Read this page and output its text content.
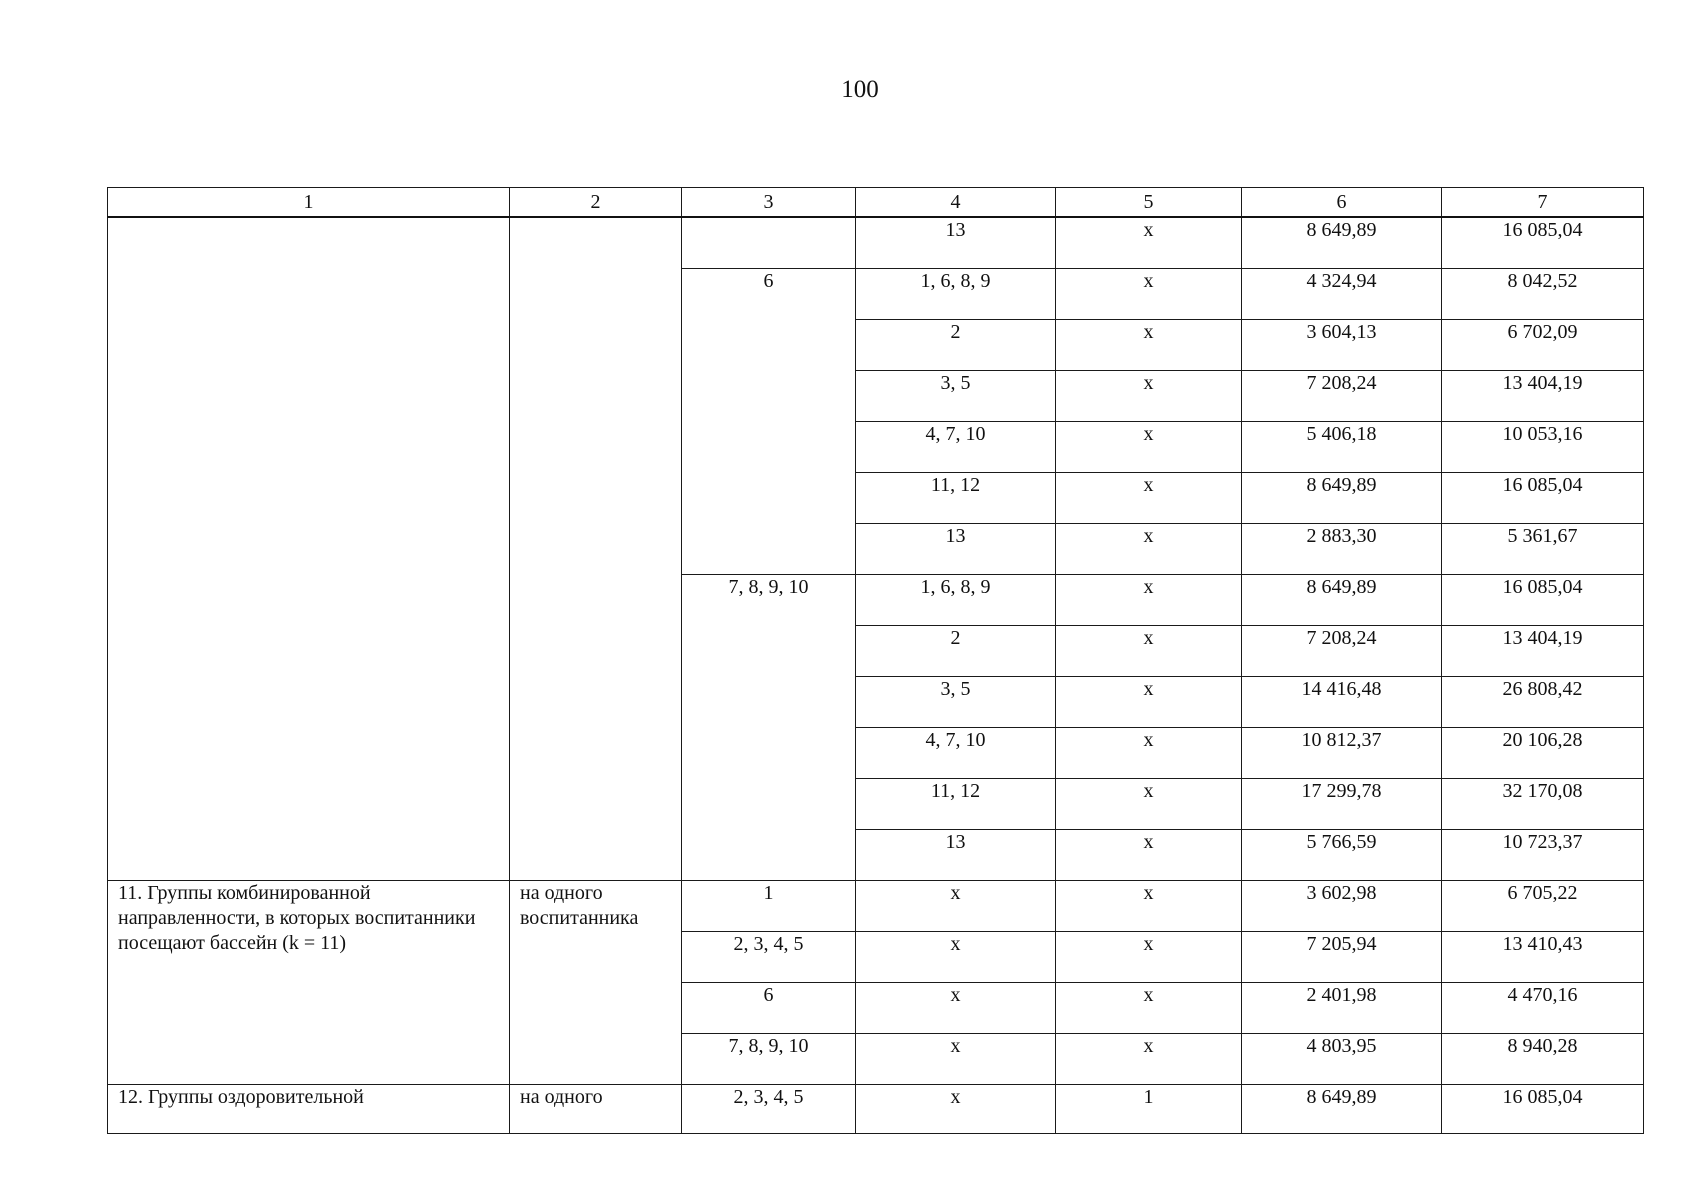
100
1	2	3	4	5	6	7
			13	х	8 649,89	16 085,04
		6	1, 6, 8, 9	х	4 324,94	8 042,52
			2	х	3 604,13	6 702,09
			3, 5	х	7 208,24	13 404,19
			4, 7, 10	х	5 406,18	10 053,16
			11, 12	х	8 649,89	16 085,04
			13	х	2 883,30	5 361,67
		7, 8, 9, 10	1, 6, 8, 9	х	8 649,89	16 085,04
			2	х	7 208,24	13 404,19
			3, 5	х	14 416,48	26 808,42
			4, 7, 10	х	10 812,37	20 106,28
			11, 12	х	17 299,78	32 170,08
			13	х	5 766,59	10 723,37
11. Группы комбинированной направленности, в которых воспитанники посещают бассейн (k = 11)	на одного воспитанника	1	х	х	3 602,98	6 705,22
		2, 3, 4, 5	х	х	7 205,94	13 410,43
		6	х	х	2 401,98	4 470,16
		7, 8, 9, 10	х	х	4 803,95	8 940,28
12. Группы оздоровительной	на одного	2, 3, 4, 5	х	1	8 649,89	16 085,04
